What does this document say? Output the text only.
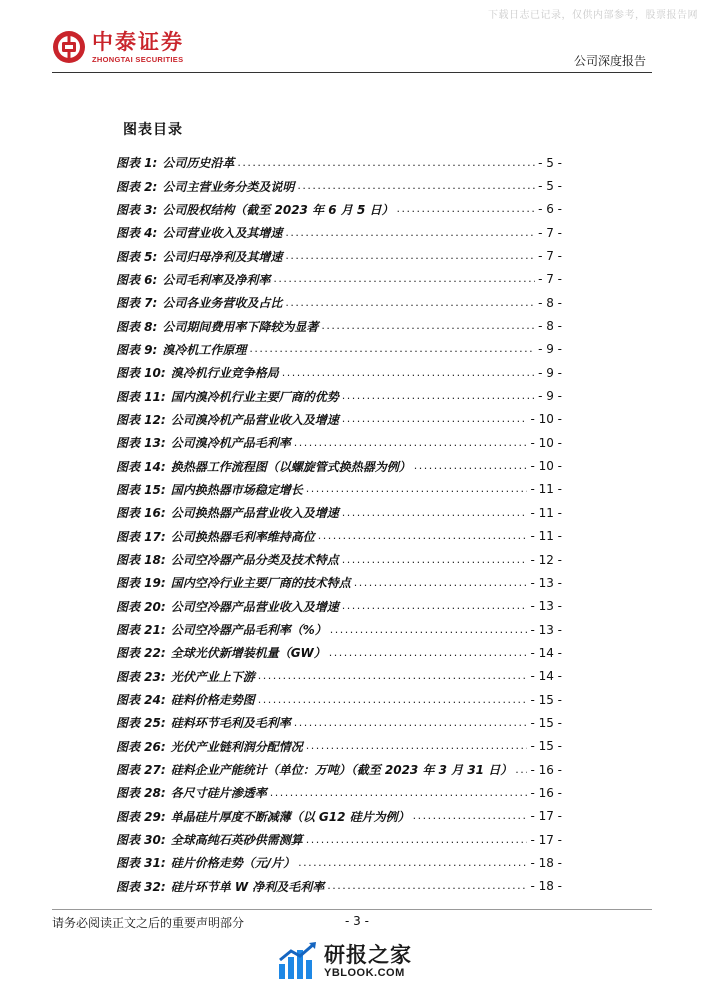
下载日志已记录，仅供内部参考，股票报告网
中泰证券
ZHONGTAI SECURITIES	公司深度报告
图表目录
图表 1: 公司历史沿革 .....	- 5 -
图表 2: 公司主营业务分类及说明 .....	- 5 -
图表 3: 公司股权结构（截至 2023 年 6 月 5 日） .....	- 6 -
图表 4: 公司营业收入及其增速 .....	- 7 -
图表 5: 公司归母净利及其增速 .....	- 7 -
图表 6: 公司毛利率及净利率 .....	- 7 -
图表 7: 公司各业务营收及占比 .....	- 8 -
图表 8: 公司期间费用率下降较为显著 .....	- 8 -
图表 9: 溴冷机工作原理 .....	- 9 -
图表 10: 溴冷机行业竞争格局 .....	- 9 -
图表 11: 国内溴冷机行业主要厂商的优势 .....	- 9 -
图表 12: 公司溴冷机产品营业收入及增速 .....	- 10 -
图表 13: 公司溴冷机产品毛利率 .....	- 10 -
图表 14: 换热器工作流程图（以螺旋管式换热器为例） .....	- 10 -
图表 15: 国内换热器市场稳定增长 .....	- 11 -
图表 16: 公司换热器产品营业收入及增速 .....	- 11 -
图表 17: 公司换热器毛利率维持高位 .....	- 11 -
图表 18: 公司空冷器产品分类及技术特点 .....	- 12 -
图表 19: 国内空冷行业主要厂商的技术特点 .....	- 13 -
图表 20: 公司空冷器产品营业收入及增速 .....	- 13 -
图表 21: 公司空冷器产品毛利率（%） .....	- 13 -
图表 22: 全球光伏新增装机量（GW） .....	- 14 -
图表 23: 光伏产业上下游 .....	- 14 -
图表 24: 硅料价格走势图 .....	- 15 -
图表 25: 硅料环节毛利及毛利率 .....	- 15 -
图表 26: 光伏产业链利润分配情况 .....	- 15 -
图表 27: 硅料企业产能统计（单位：万吨）（截至 2023 年 3 月 31 日） ..... - 16 -
图表 28: 各尺寸硅片渗透率 .....	- 16 -
图表 29: 单晶硅片厚度不断减薄（以 G12 硅片为例） .....	- 17 -
图表 30: 全球高纯石英砂供需测算 .....	- 17 -
图表 31: 硅片价格走势（元/片） .....	- 18 -
图表 32: 硅片环节单 W 净利及毛利率 .....	- 18 -
请务必阅读正文之后的重要声明部分	- 3 -
研报之家
YBLOOK.COM
